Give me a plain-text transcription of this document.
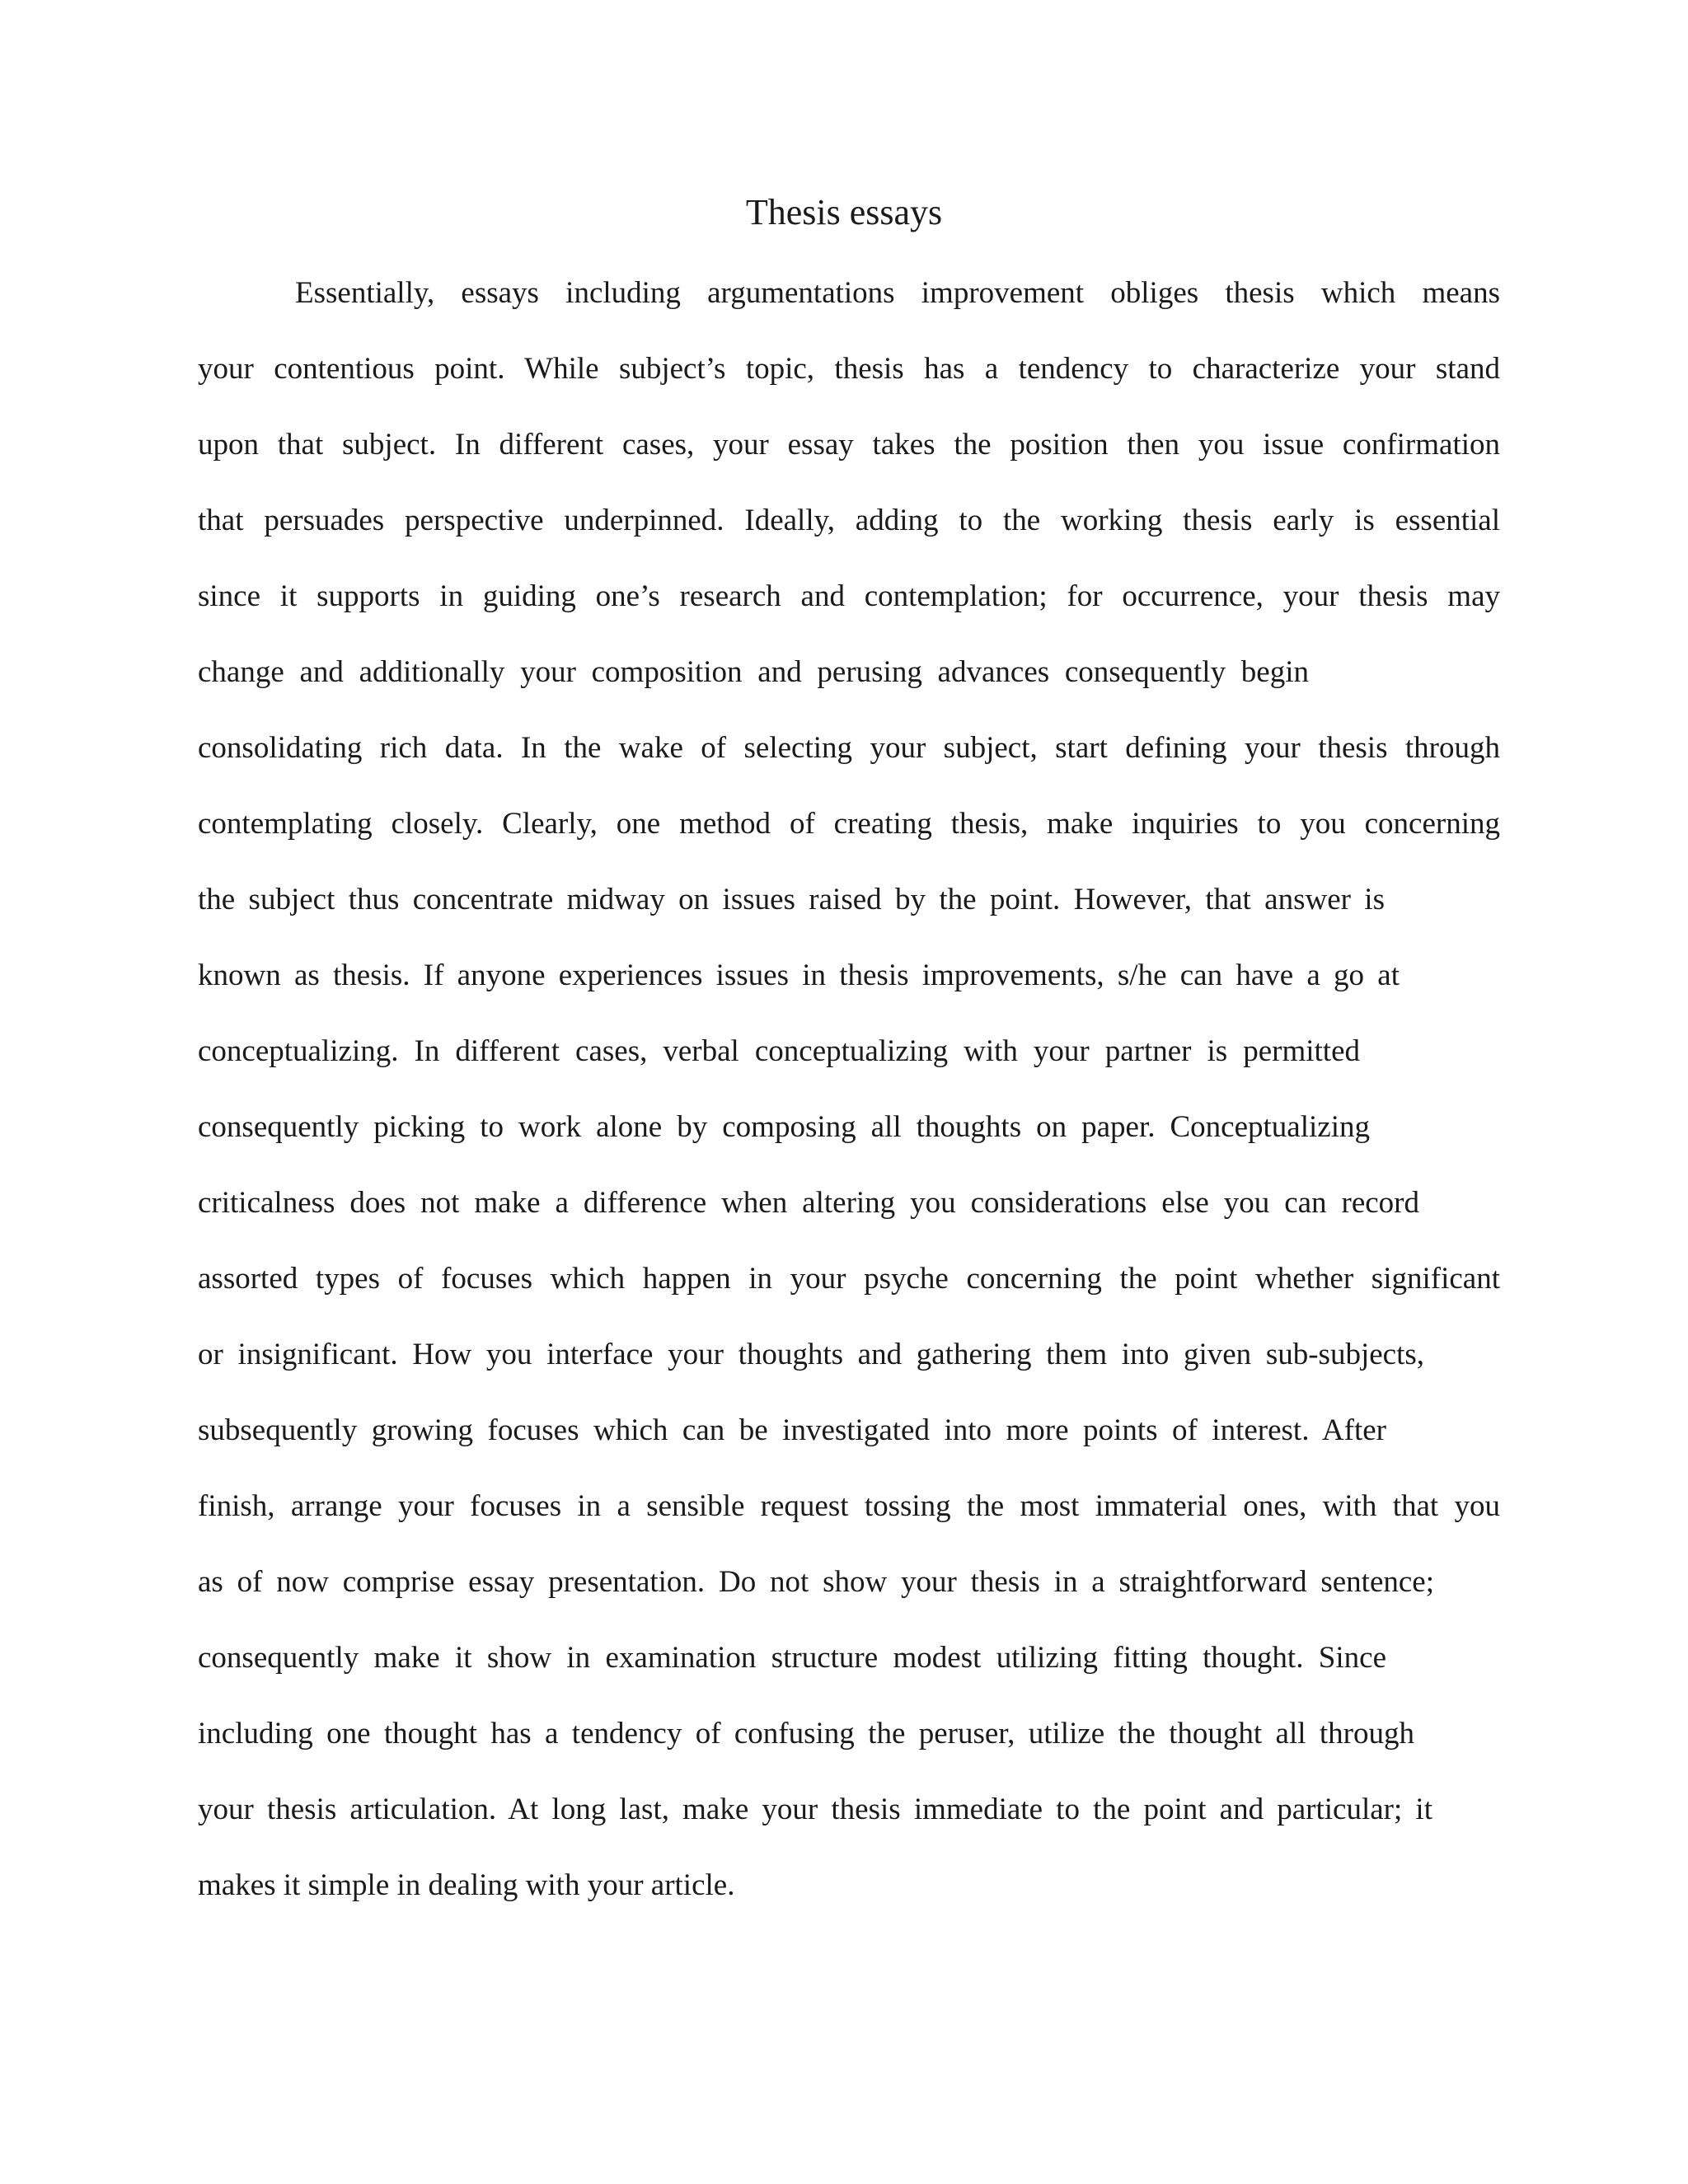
Thesis essays
Essentially, essays including argumentations improvement obliges thesis which means
your contentious point. While subject’s topic, thesis has a tendency to characterize your stand
upon that subject. In different cases, your essay takes the position then you issue confirmation
that persuades perspective underpinned. Ideally, adding to the working thesis early is essential
since it supports in guiding one’s research and contemplation; for occurrence, your thesis may
change and additionally your composition and perusing advances consequently begin
consolidating rich data. In the wake of selecting your subject, start defining your thesis through
contemplating closely. Clearly, one method of creating thesis, make inquiries to you concerning
the subject thus concentrate midway on issues raised by the point. However, that answer is
known as thesis. If anyone experiences issues in thesis improvements, s/he can have a go at
conceptualizing. In different cases, verbal conceptualizing with your partner is permitted
consequently picking to work alone by composing all thoughts on paper. Conceptualizing
criticalness does not make a difference when altering you considerations else you can record
assorted types of focuses which happen in your psyche concerning the point whether significant
or insignificant. How you interface your thoughts and gathering them into given sub-subjects,
subsequently growing focuses which can be investigated into more points of interest. After
finish, arrange your focuses in a sensible request tossing the most immaterial ones, with that you
as of now comprise essay presentation. Do not show your thesis in a straightforward sentence;
consequently make it show in examination structure modest utilizing fitting thought. Since
including one thought has a tendency of confusing the peruser, utilize the thought all through
your thesis articulation. At long last, make your thesis immediate to the point and particular; it
makes it simple in dealing with your article.
